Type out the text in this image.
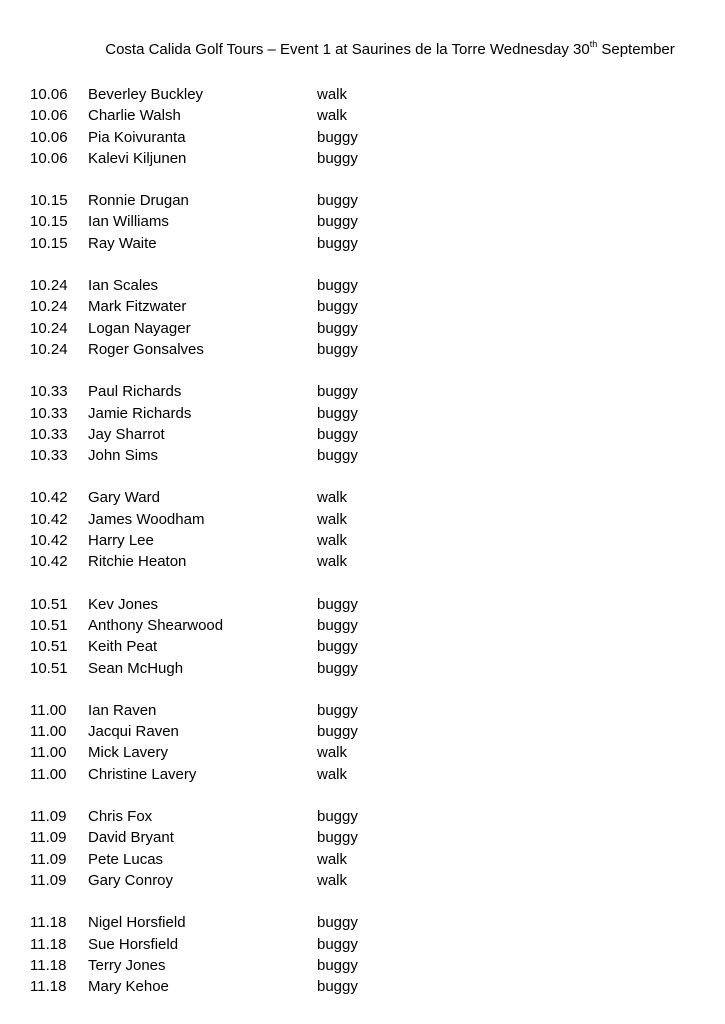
Costa Calida Golf Tours – Event 1 at Saurines de la Torre Wednesday 30th September
10.06	Beverley Buckley	walk
10.06	Charlie Walsh	walk
10.06	Pia Koivuranta	buggy
10.06	Kalevi Kiljunen	buggy
10.15	Ronnie Drugan	buggy
10.15	Ian Williams	buggy
10.15	Ray Waite	buggy
10.24	Ian Scales	buggy
10.24	Mark Fitzwater	buggy
10.24	Logan Nayager	buggy
10.24	Roger Gonsalves	buggy
10.33	Paul Richards	buggy
10.33	Jamie Richards	buggy
10.33	Jay Sharrot	buggy
10.33	John Sims	buggy
10.42	Gary Ward	walk
10.42	James Woodham	walk
10.42	Harry Lee	walk
10.42	Ritchie Heaton	walk
10.51	Kev Jones	buggy
10.51	Anthony Shearwood	buggy
10.51	Keith Peat	buggy
10.51	Sean McHugh	buggy
11.00	Ian Raven	buggy
11.00	Jacqui Raven	buggy
11.00	Mick Lavery	walk
11.00	Christine Lavery	walk
11.09	Chris Fox	buggy
11.09	David Bryant	buggy
11.09	Pete Lucas	walk
11.09	Gary Conroy	walk
11.18	Nigel Horsfield	buggy
11.18	Sue Horsfield	buggy
11.18	Terry Jones	buggy
11.18	Mary Kehoe	buggy
